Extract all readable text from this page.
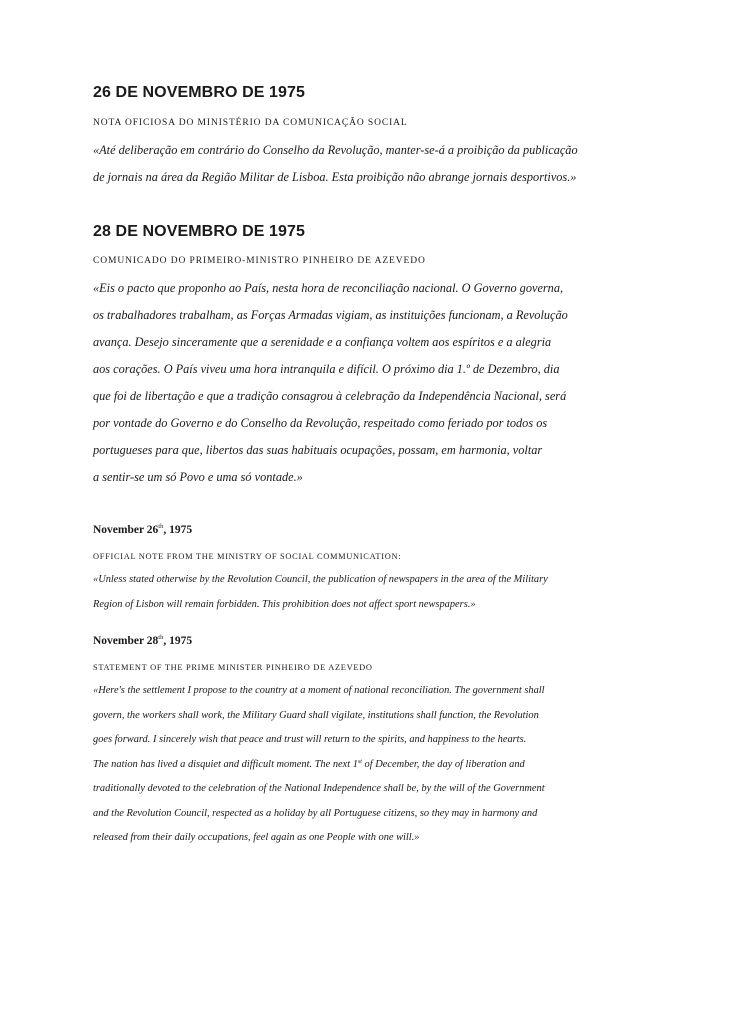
26 DE NOVEMBRO DE 1975

NOTA OFICIOSA DO MINISTÉRIO DA COMUNICAÇÃO SOCIAL

«Até deliberação em contrário do Conselho da Revolução, manter-se-á a proibição da publicação

de jornais na área da Região Militar de Lisboa. Esta proibição não abrange jornais desportivos.»

28 DE NOVEMBRO DE 1975

COMUNICADO DO PRIMEIRO-MINISTRO PINHEIRO DE AZEVEDO

«Eis o pacto que proponho ao País, nesta hora de reconciliação nacional. O Governo governa,

os trabalhadores trabalham, as Forças Armadas vigiam, as instituições funcionam, a Revolução

avança. Desejo sinceramente que a serenidade e a confiança voltem aos espíritos e a alegria

aos corações. O País viveu uma hora intranquila e difícil. O próximo dia 1.º de Dezembro, dia

que foi de libertação e que a tradição consagrou à celebração da Independência Nacional, será

por vontade do Governo e do Conselho da Revolução, respeitado como feriado por todos os

portugueses para que, libertos das suas habituais ocupações, possam, em harmonia, voltar

a sentir-se um só Povo e uma só vontade.»

November 26th, 1975

OFFICIAL NOTE FROM THE MINISTRY OF SOCIAL COMMUNICATION:

«Unless stated otherwise by the Revolution Council, the publication of newspapers in the area of the Military

Region of Lisbon will remain forbidden. This prohibition does not affect sport newspapers.»

November 28th, 1975

STATEMENT OF THE PRIME MINISTER PINHEIRO DE AZEVEDO

«Here's the settlement I propose to the country at a moment of national reconciliation. The government shall

govern, the workers shall work, the Military Guard shall vigilate, institutions shall function, the Revolution

goes forward. I sincerely wish that peace and trust will return to the spirits, and happiness to the hearts.

The nation has lived a disquiet and difficult moment. The next 1st of December, the day of liberation and

traditionally devoted to the celebration of the National Independence shall be, by the will of the Government

and the Revolution Council, respected as a holiday by all Portuguese citizens, so they may in harmony and

released from their daily occupations, feel again as one People with one will.»
